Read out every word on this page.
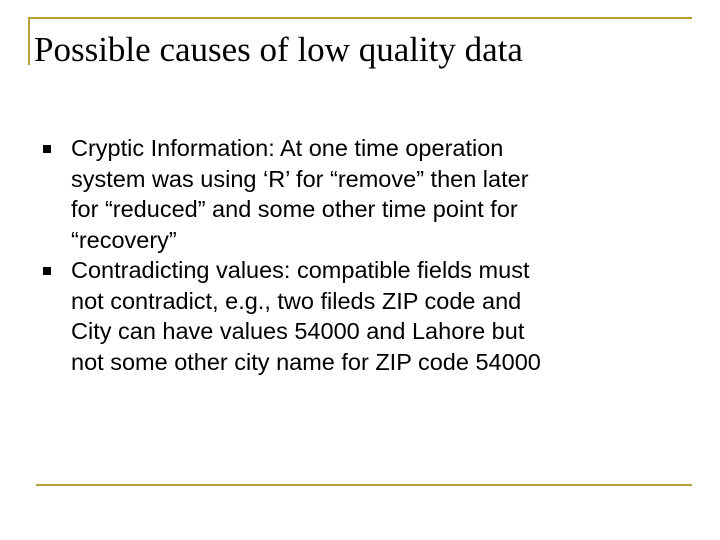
Possible causes of low quality data
Cryptic Information: At one time operation
system was using ‘R’ for “remove” then later
for “reduced” and some other time point for
“recovery”
Contradicting values: compatible fields must
not contradict, e.g., two fileds ZIP code and
City can have values 54000 and Lahore but
not some other city name for ZIP code 54000
